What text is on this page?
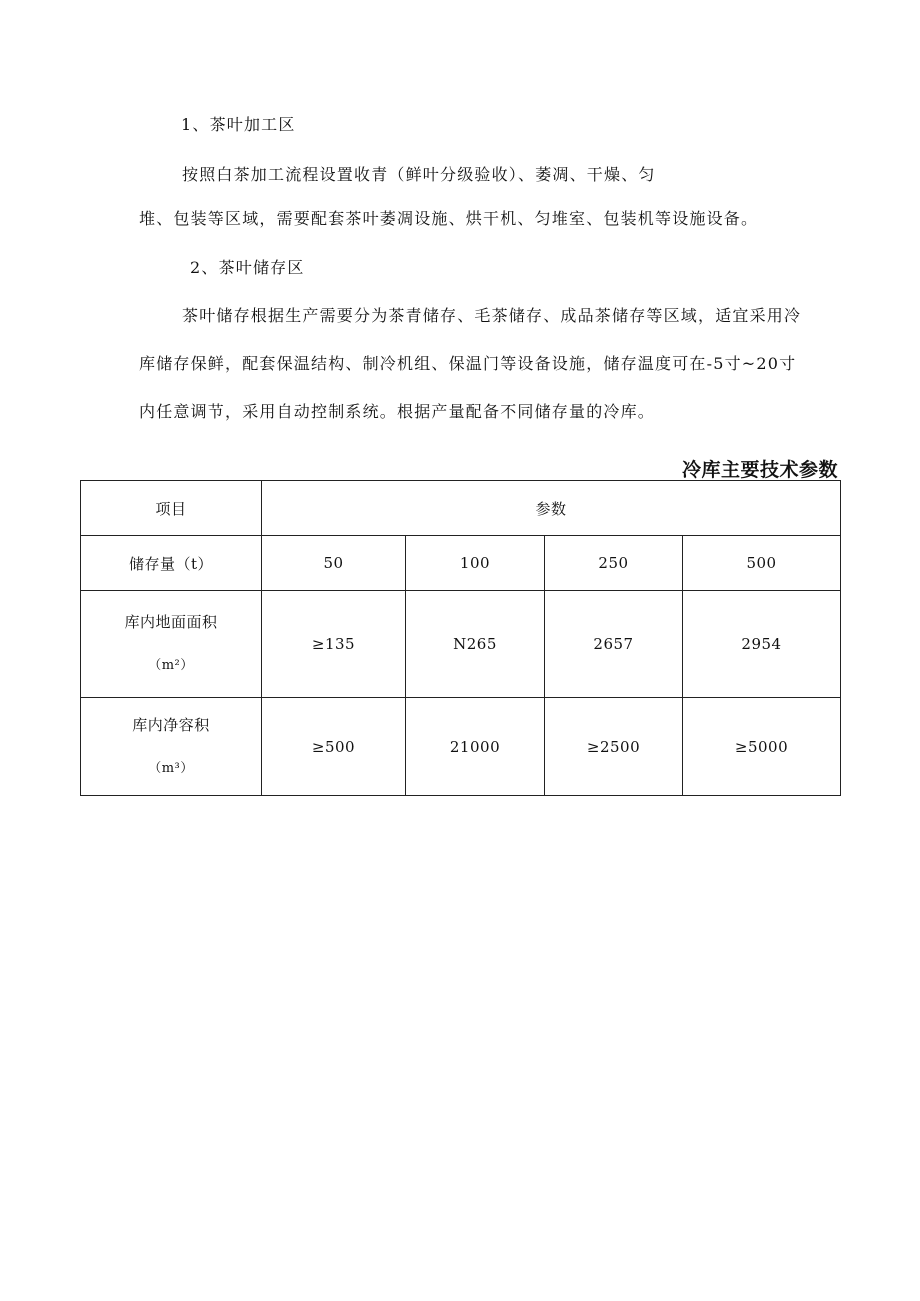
1、茶叶加工区
按照白茶加工流程设置收青（鲜叶分级验收）、萎凋、干燥、匀
堆、包装等区域，需要配套茶叶萎凋设施、烘干机、匀堆室、包装机等设施设备。
2、茶叶储存区
茶叶储存根据生产需要分为茶青储存、毛茶储存、成品茶储存等区域，适宜采用冷
库储存保鲜，配套保温结构、制冷机组、保温门等设备设施，储存温度可在-5寸~20寸
内任意调节，采用自动控制系统。根据产量配备不同储存量的冷库。
冷库主要技术参数
项目	参数			
储存量（t）	50	100	250	500

库内地面面积
（m²）	≥135	N265	2657	2954

库内净容积
（m³）	≥500	21000	≥2500	≥5000
